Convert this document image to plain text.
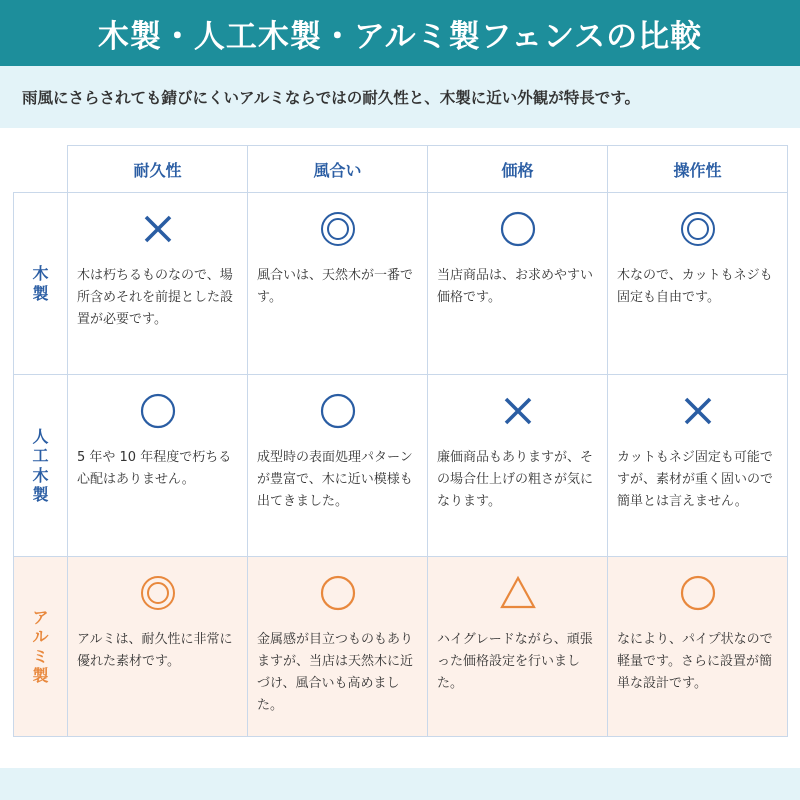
木製・人工木製・アルミ製フェンスの比較
雨風にさらされても錆びにくいアルミならではの耐久性と、木製に近い外観が特長です。
	耐久性	風合い	価格	操作性
木製	木は朽ちるものなので、場所含めそれを前提とした設置が必要です。	風合いは、天然木が一番です。	当店商品は、お求めやすい価格です。	木なので、カットもネジも固定も自由です。

人工木製	5 年や 10 年程度で朽ちる心配はありません。	成型時の表面処理パターンが豊富で、木に近い模様も出てきました。	廉価商品もありますが、その場合仕上げの粗さが気になります。	カットもネジ固定も可能ですが、素材が重く固いので簡単とは言えません。

アルミ製	アルミは、耐久性に非常に優れた素材です。	金属感が目立つものもありますが、当店は天然木に近づけ、風合いも高めました。	ハイグレードながら、頑張った価格設定を行いました。	なにより、パイプ状なので軽量です。さらに設置が簡単な設計です。
